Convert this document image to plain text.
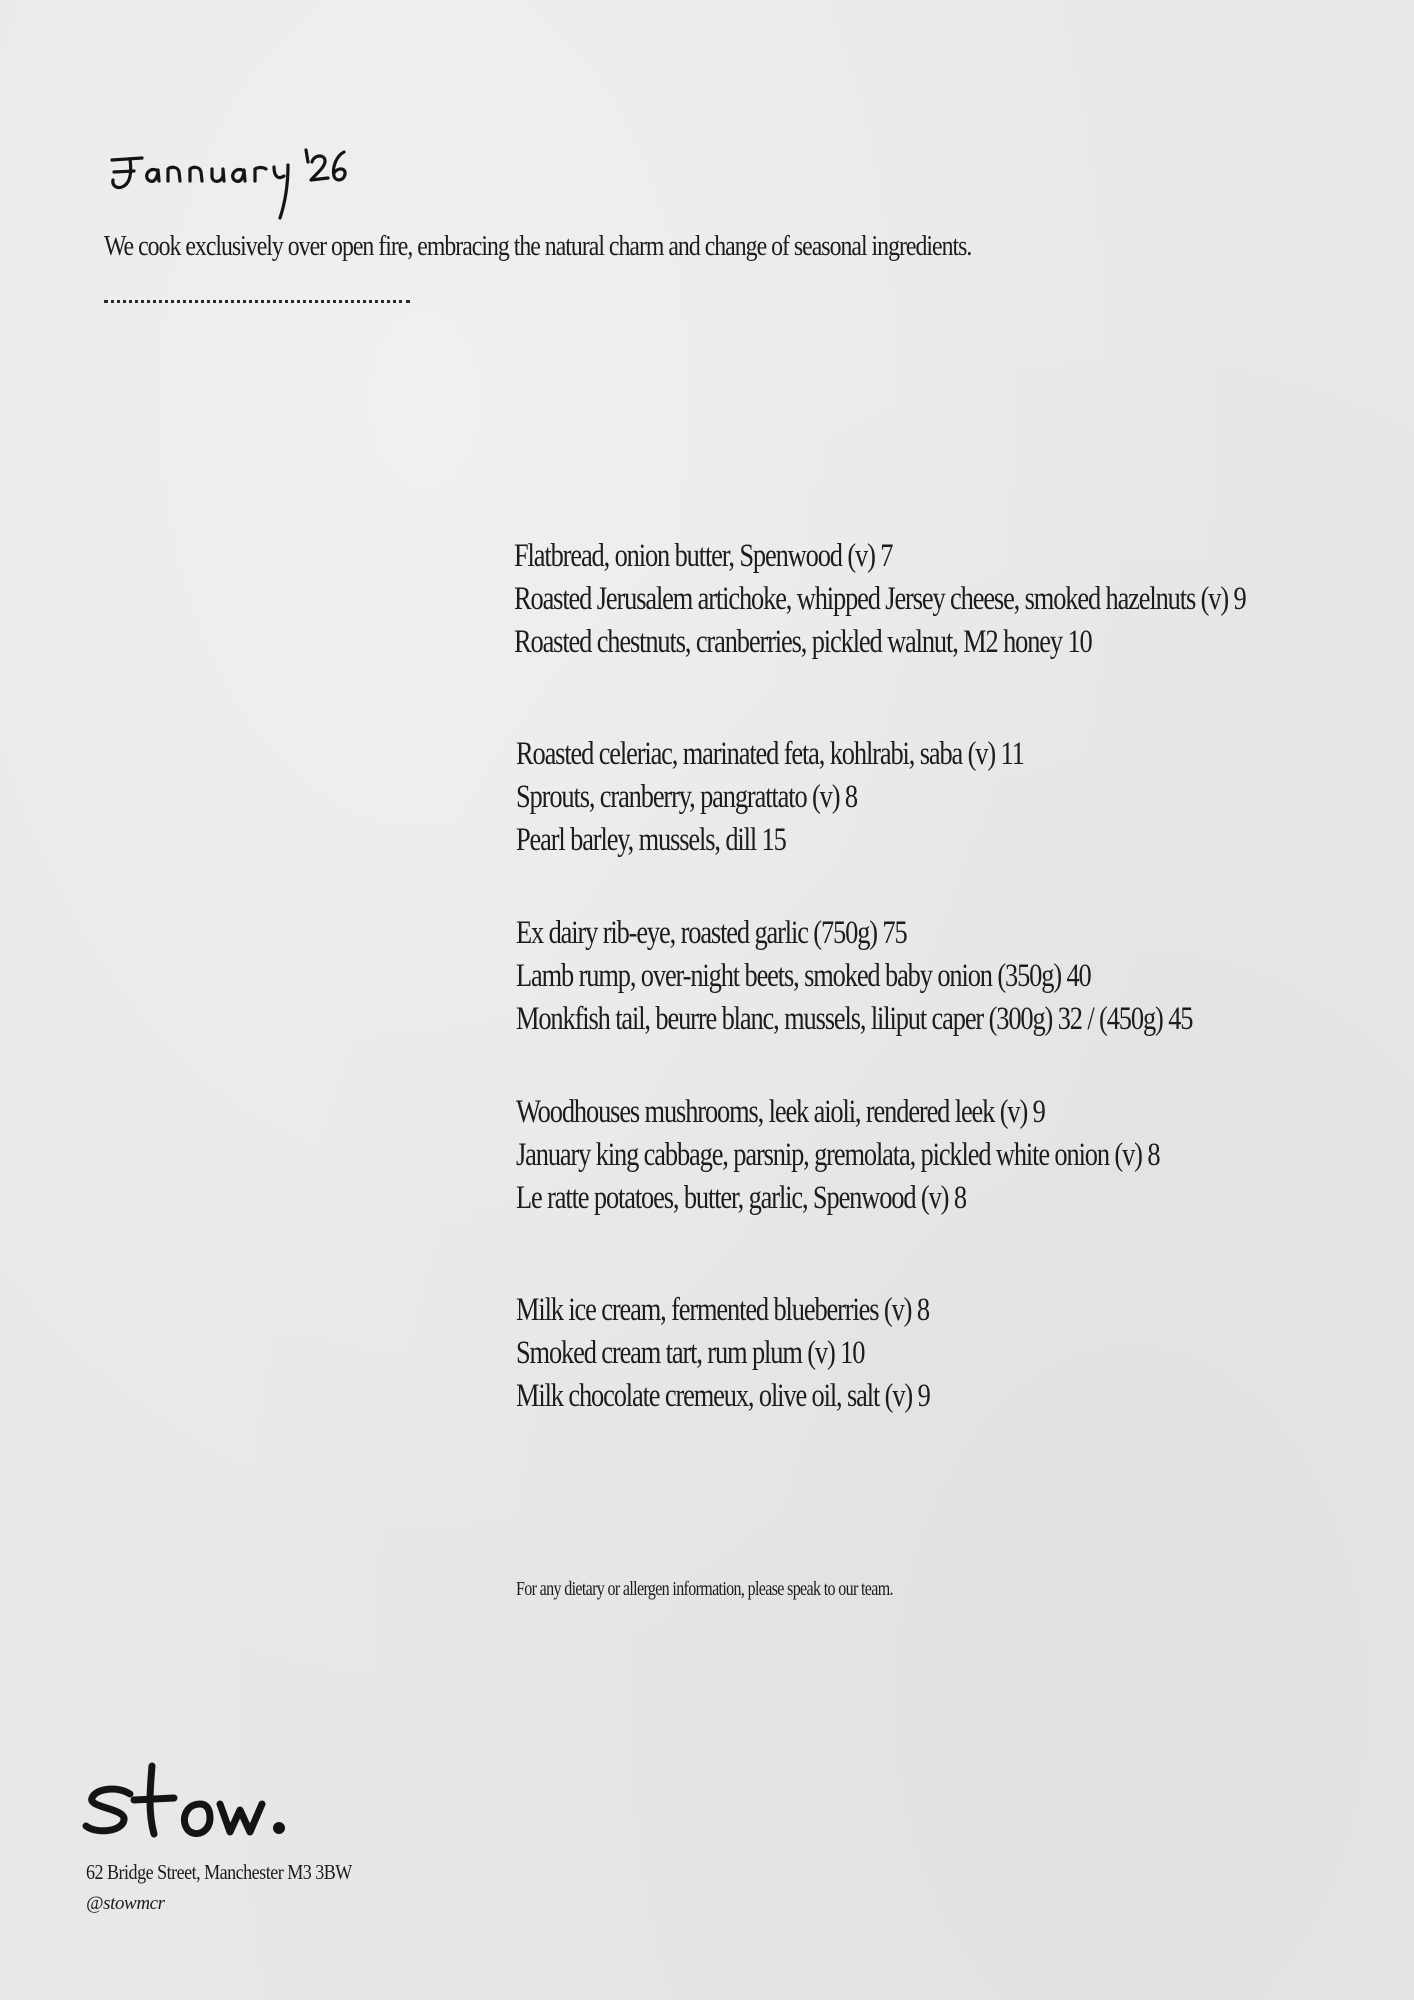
We cook exclusively over open fire, embracing the natural charm and change of seasonal ingredients.
Flatbread, onion butter, Spenwood (v) 7
Roasted Jerusalem artichoke, whipped Jersey cheese, smoked hazelnuts (v) 9
Roasted chestnuts, cranberries, pickled walnut, M2 honey 10
Roasted celeriac, marinated feta, kohlrabi, saba (v) 11
Sprouts, cranberry, pangrattato (v) 8
Pearl barley, mussels, dill 15
Ex dairy rib-eye, roasted garlic (750g) 75
Lamb rump, over-night beets, smoked baby onion (350g) 40
Monkfish tail, beurre blanc, mussels, liliput caper (300g) 32 / (450g) 45
Woodhouses mushrooms, leek aioli, rendered leek (v) 9
January king cabbage, parsnip, gremolata, pickled white onion (v) 8
Le ratte potatoes, butter, garlic, Spenwood (v) 8
Milk ice cream, fermented blueberries (v) 8
Smoked cream tart, rum plum (v) 10
Milk chocolate cremeux, olive oil, salt (v) 9
For any dietary or allergen information, please speak to our team.
62 Bridge Street, Manchester M3 3BW
@stowmcr
